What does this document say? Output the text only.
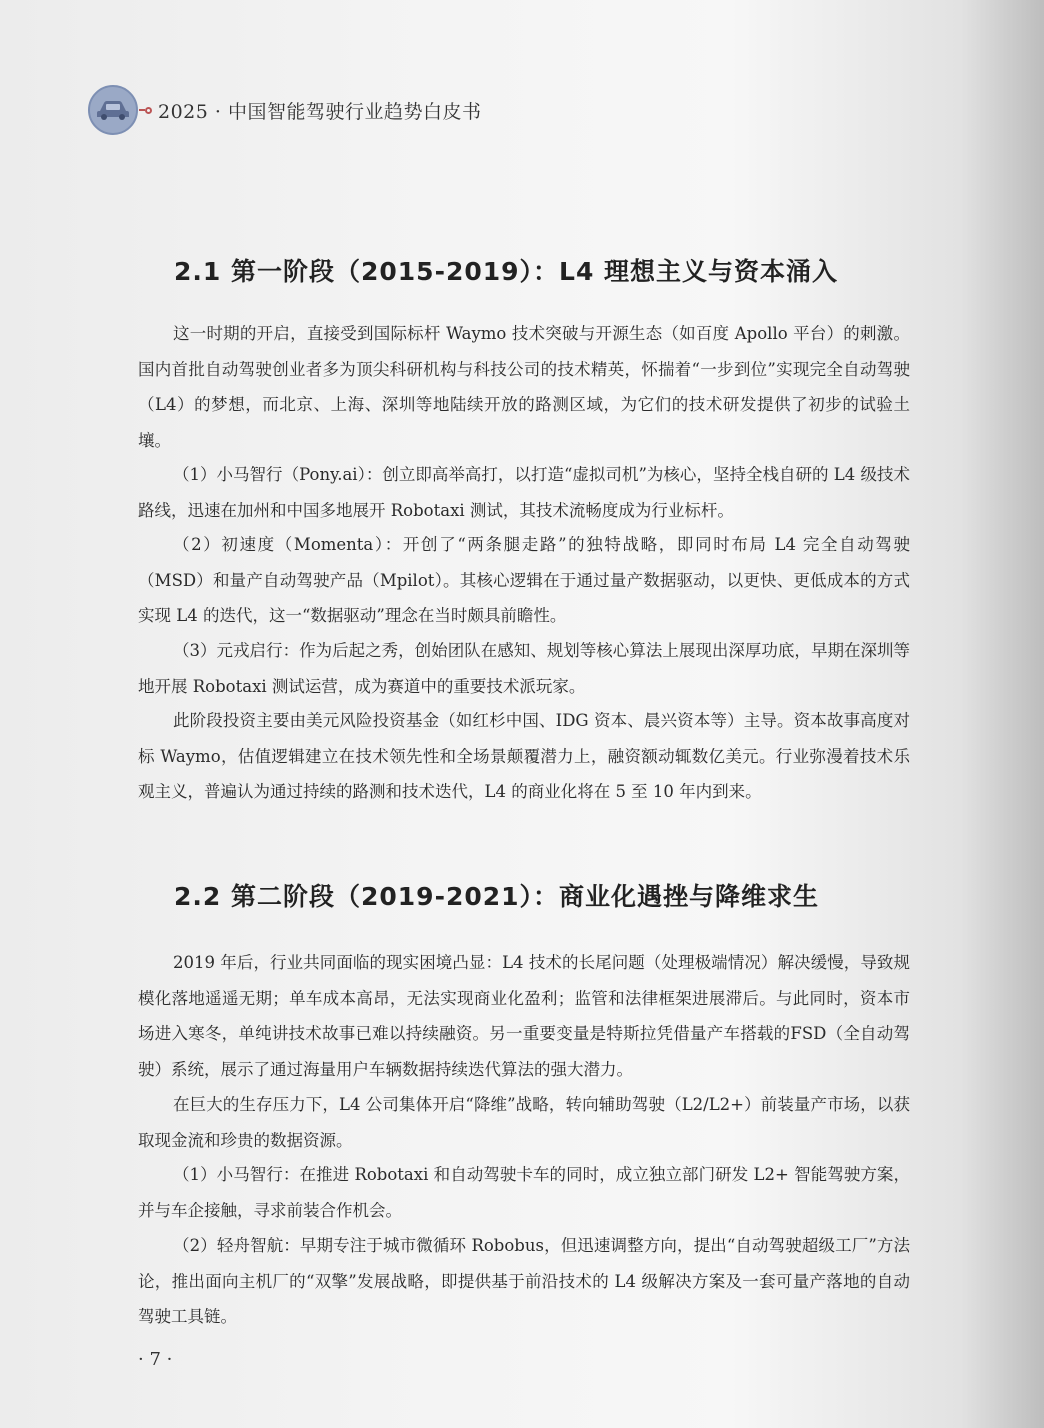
2025 · 中国智能驾驶行业趋势白皮书
2.1 第一阶段（2015-2019）：L4 理想主义与资本涌入

这一时期的开启，直接受到国际标杆 Waymo 技术突破与开源生态（如百度 Apollo 平台）的刺激。国内首批自动驾驶创业者多为顶尖科研机构与科技公司的技术精英，怀揣着“一步到位”实现完全自动驾驶（L4）的梦想，而北京、上海、深圳等地陆续开放的路测区域，为它们的技术研发提供了初步的试验土壤。

（1）小马智行（Pony.ai）：创立即高举高打，以打造“虚拟司机”为核心，坚持全栈自研的 L4 级技术路线，迅速在加州和中国多地展开 Robotaxi 测试，其技术流畅度成为行业标杆。

（2）初速度（Momenta）：开创了“两条腿走路”的独特战略，即同时布局 L4 完全自动驾驶（MSD）和量产自动驾驶产品（Mpilot）。其核心逻辑在于通过量产数据驱动，以更快、更低成本的方式实现 L4 的迭代，这一“数据驱动”理念在当时颇具前瞻性。

（3）元戎启行：作为后起之秀，创始团队在感知、规划等核心算法上展现出深厚功底，早期在深圳等地开展 Robotaxi 测试运营，成为赛道中的重要技术派玩家。

此阶段投资主要由美元风险投资基金（如红杉中国、IDG 资本、晨兴资本等）主导。资本故事高度对标 Waymo，估值逻辑建立在技术领先性和全场景颠覆潜力上，融资额动辄数亿美元。行业弥漫着技术乐观主义，普遍认为通过持续的路测和技术迭代，L4 的商业化将在 5 至 10 年内到来。

2.2 第二阶段（2019-2021）：商业化遇挫与降维求生

2019 年后，行业共同面临的现实困境凸显：L4 技术的长尾问题（处理极端情况）解决缓慢，导致规模化落地遥遥无期；单车成本高昂，无法实现商业化盈利；监管和法律框架进展滞后。与此同时，资本市场进入寒冬，单纯讲技术故事已难以持续融资。另一重要变量是特斯拉凭借量产车搭载的FSD（全自动驾驶）系统，展示了通过海量用户车辆数据持续迭代算法的强大潜力。

在巨大的生存压力下，L4 公司集体开启“降维”战略，转向辅助驾驶（L2/L2+）前装量产市场，以获取现金流和珍贵的数据资源。

（1）小马智行：在推进 Robotaxi 和自动驾驶卡车的同时，成立独立部门研发 L2+ 智能驾驶方案，并与车企接触，寻求前装合作机会。

（2）轻舟智航：早期专注于城市微循环 Robobus，但迅速调整方向，提出“自动驾驶超级工厂”方法论，推出面向主机厂的“双擎”发展战略，即提供基于前沿技术的 L4 级解决方案及一套可量产落地的自动驾驶工具链。

· 7 ·
